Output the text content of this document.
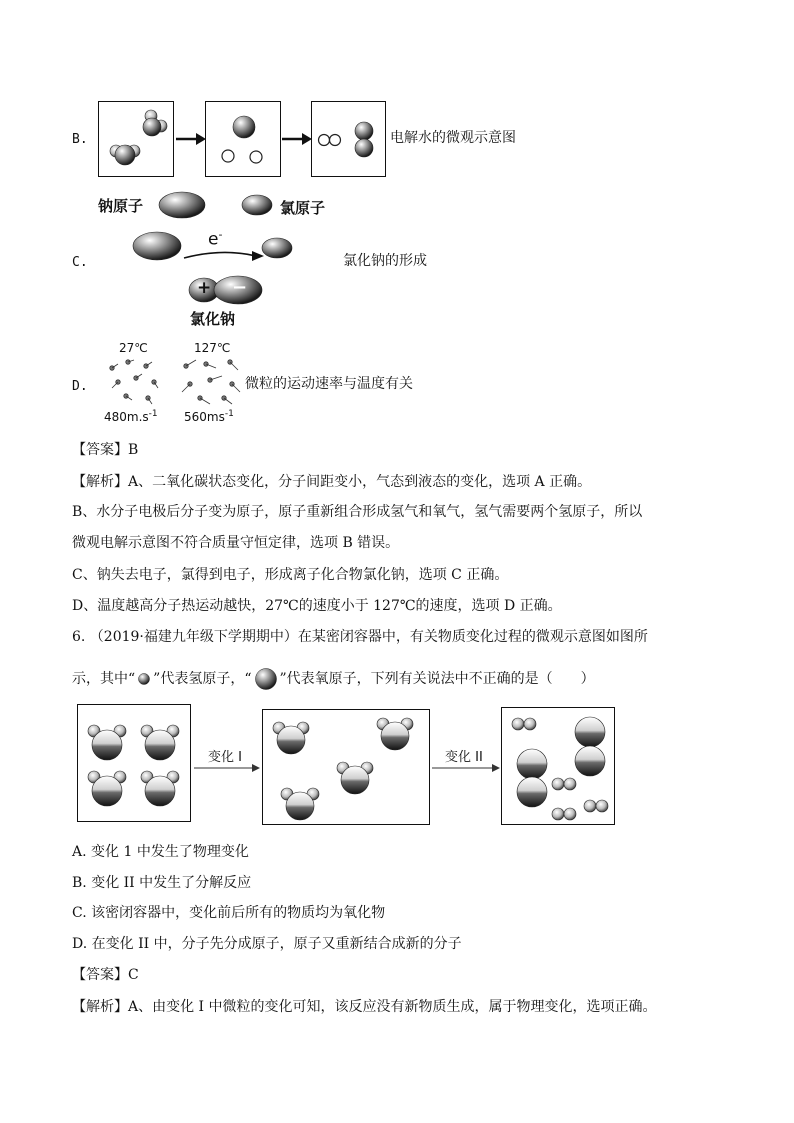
B.	电解水的微观示意图
钠原子	氯原子
C.
e-
氯化钠的形成
+ −
氯化钠
D.
27℃	127℃
$480m.s^{-1}$ $560ms^{-1}$
微粒的运动速率与温度有关
【答案】B
【解析】A、二氧化碳状态变化，分子间距变小，气态到液态的变化，选项 A 正确。
B、水分子电极后分子变为原子，原子重新组合形成氢气和氧气，氢气需要两个氢原子，所以
微观电解示意图不符合质量守恒定律，选项 B 错误。
C、钠失去电子，氯得到电子，形成离子化合物氯化钠，选项 C 正确。
D、温度越高分子热运动越快，27℃的速度小于 127℃的速度，选项 D 正确。
6. （2019·福建九年级下学期期中）在某密闭容器中，有关物质变化过程的微观示意图如图所
示，其中“ ”代表氢原子，“ ”代表氧原子，下列有关说法中不正确的是（　　）
变化 I	变化 II
A. 变化 1 中发生了物理变化
B. 变化 II 中发生了分解反应
C. 该密闭容器中，变化前后所有的物质均为氧化物
D. 在变化 II 中，分子先分成原子，原子又重新结合成新的分子
【答案】C
【解析】A、由变化 I 中微粒的变化可知，该反应没有新物质生成，属于物理变化，选项正确。
